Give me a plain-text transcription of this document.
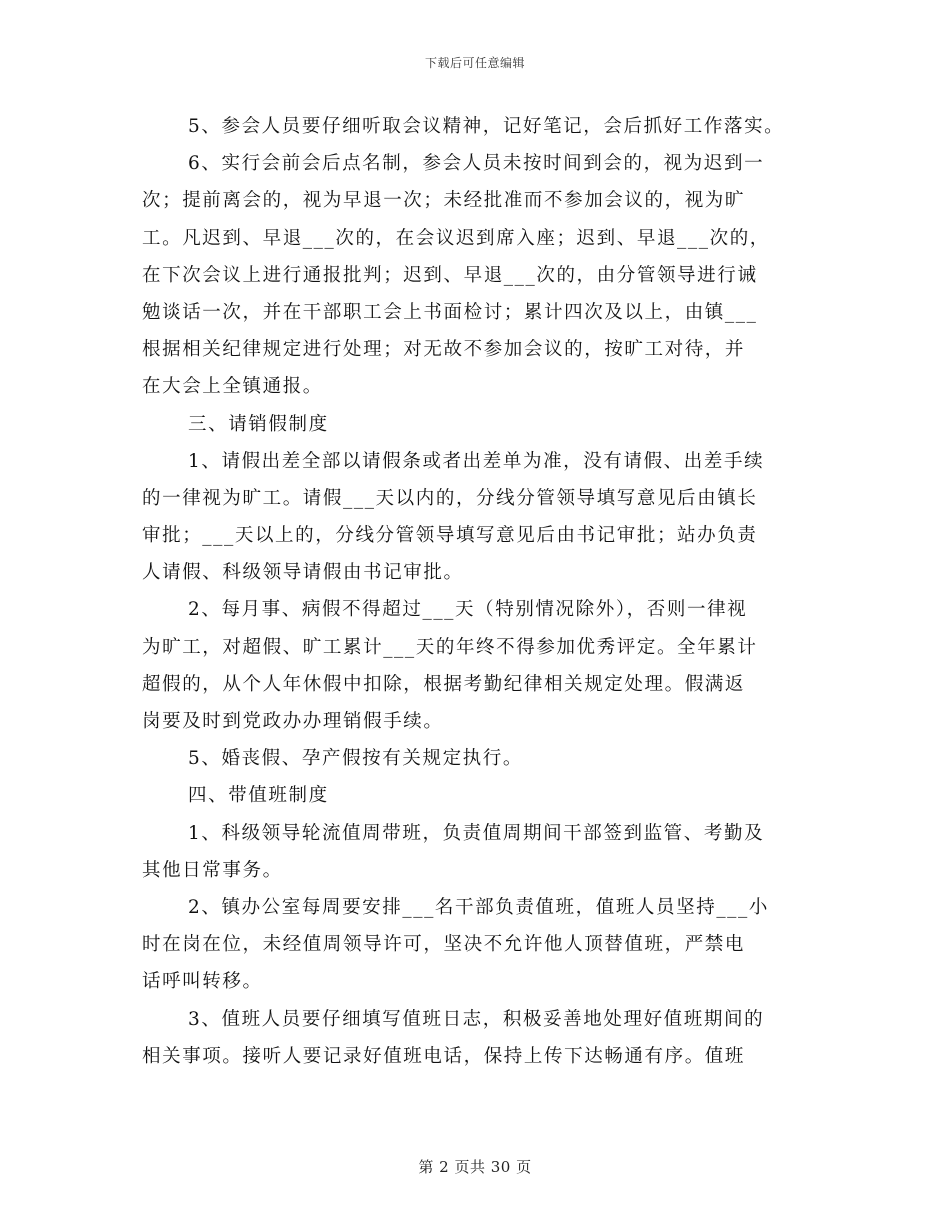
下载后可任意编辑
5、参会人员要仔细听取会议精神，记好笔记，会后抓好工作落实。
6、实行会前会后点名制，参会人员未按时间到会的，视为迟到一
次；提前离会的，视为早退一次；未经批准而不参加会议的，视为旷
工。凡迟到、早退___次的，在会议迟到席入座；迟到、早退___次的，
在下次会议上进行通报批判；迟到、早退___次的，由分管领导进行诫
勉谈话一次，并在干部职工会上书面检讨；累计四次及以上，由镇___
根据相关纪律规定进行处理；对无故不参加会议的，按旷工对待，并
在大会上全镇通报。
三、请销假制度
1、请假出差全部以请假条或者出差单为准，没有请假、出差手续
的一律视为旷工。请假___天以内的，分线分管领导填写意见后由镇长
审批；___天以上的，分线分管领导填写意见后由书记审批；站办负责
人请假、科级领导请假由书记审批。
2、每月事、病假不得超过___天（特别情况除外），否则一律视
为旷工，对超假、旷工累计___天的年终不得参加优秀评定。全年累计
超假的，从个人年休假中扣除，根据考勤纪律相关规定处理。假满返
岗要及时到党政办办理销假手续。
5、婚丧假、孕产假按有关规定执行。
四、带值班制度
1、科级领导轮流值周带班，负责值周期间干部签到监管、考勤及
其他日常事务。
2、镇办公室每周要安排___名干部负责值班，值班人员坚持___小
时在岗在位，未经值周领导许可，坚决不允许他人顶替值班，严禁电
话呼叫转移。
3、值班人员要仔细填写值班日志，积极妥善地处理好值班期间的
相关事项。接听人要记录好值班电话，保持上传下达畅通有序。值班
第 2 页共 30 页
